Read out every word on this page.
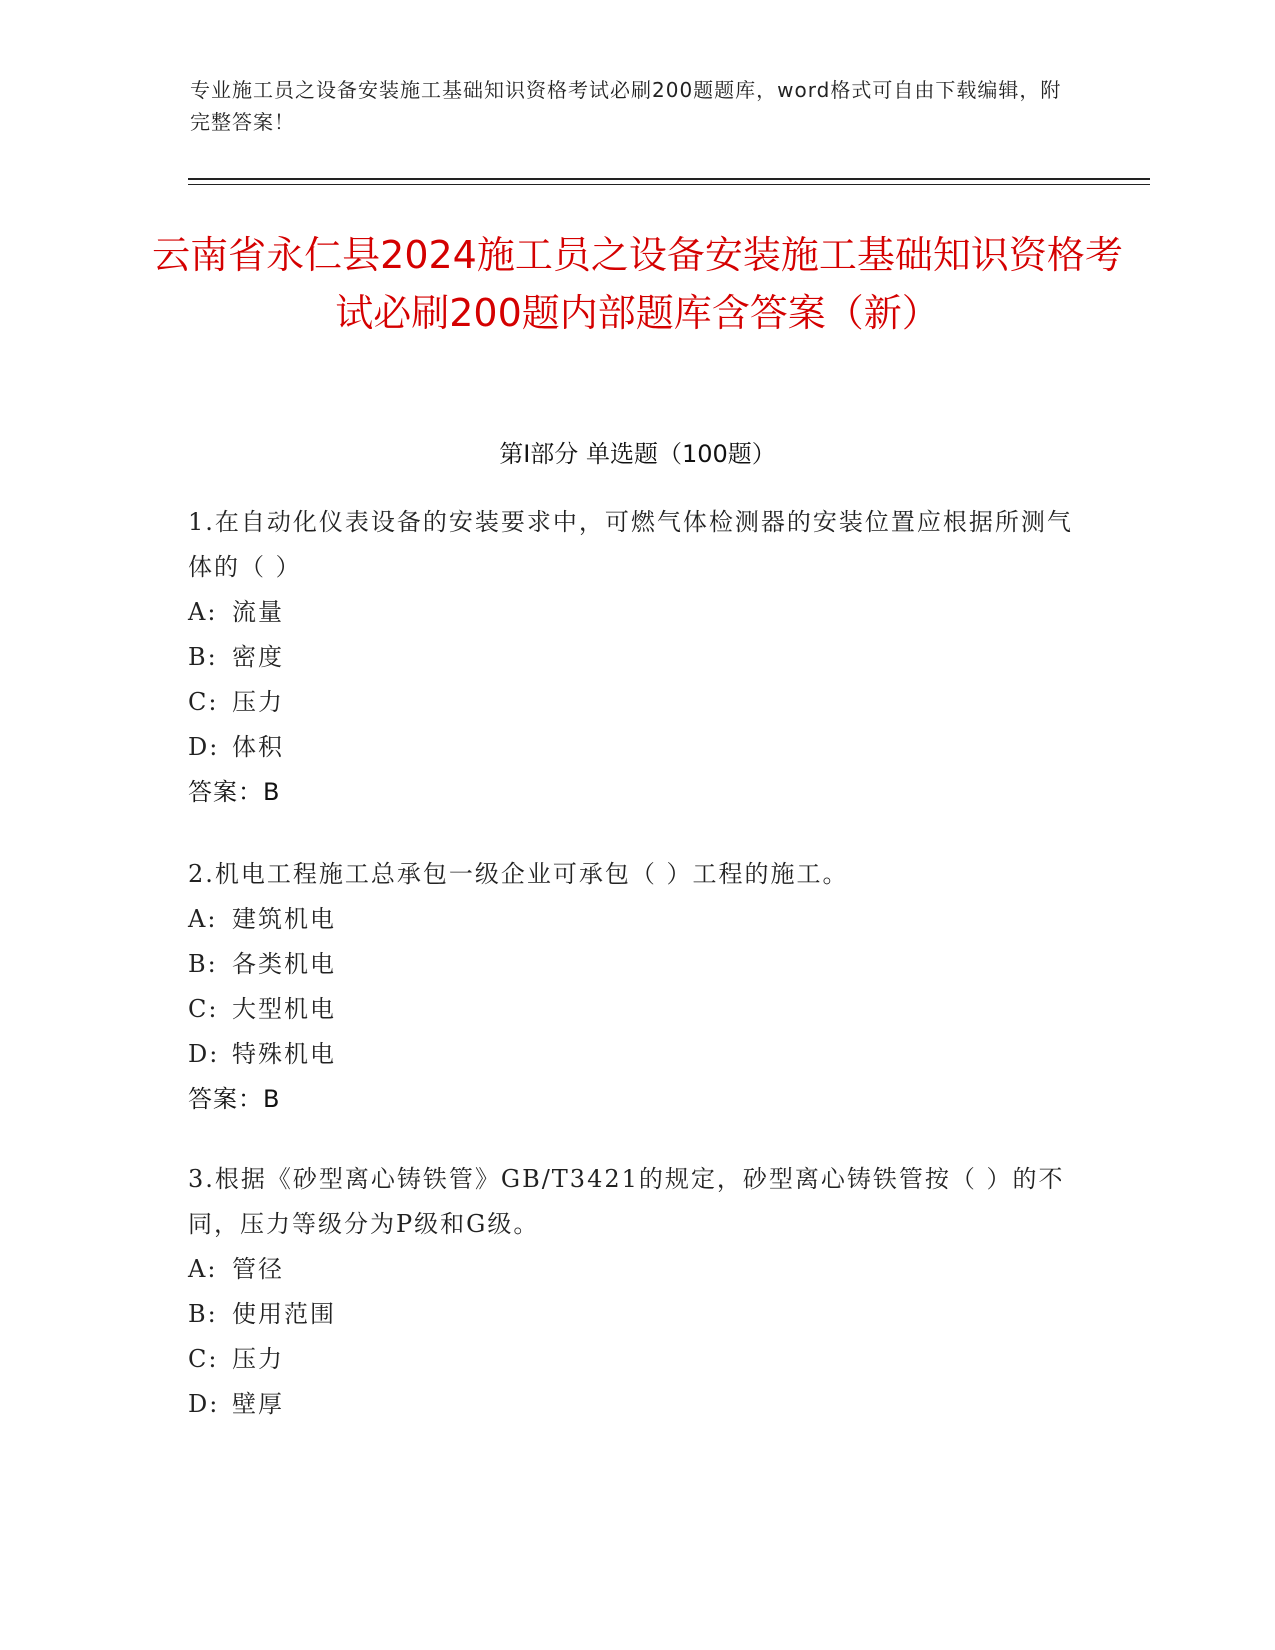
专业施工员之设备安装施工基础知识资格考试必刷200题题库，word格式可自由下载编辑，附完整答案！
云南省永仁县2024施工员之设备安装施工基础知识资格考试必刷200题内部题库含答案（新）
第I部分 单选题（100题）
1.在自动化仪表设备的安装要求中，可燃气体检测器的安装位置应根据所测气体的（ ）
A: 流量
B: 密度
C: 压力
D: 体积
答案：B
2.机电工程施工总承包一级企业可承包（ ）工程的施工。
A: 建筑机电
B: 各类机电
C: 大型机电
D: 特殊机电
答案：B
3.根据《砂型离心铸铁管》GB/T3421的规定，砂型离心铸铁管按（ ）的不同，压力等级分为P级和G级。
A: 管径
B: 使用范围
C: 压力
D: 壁厚
